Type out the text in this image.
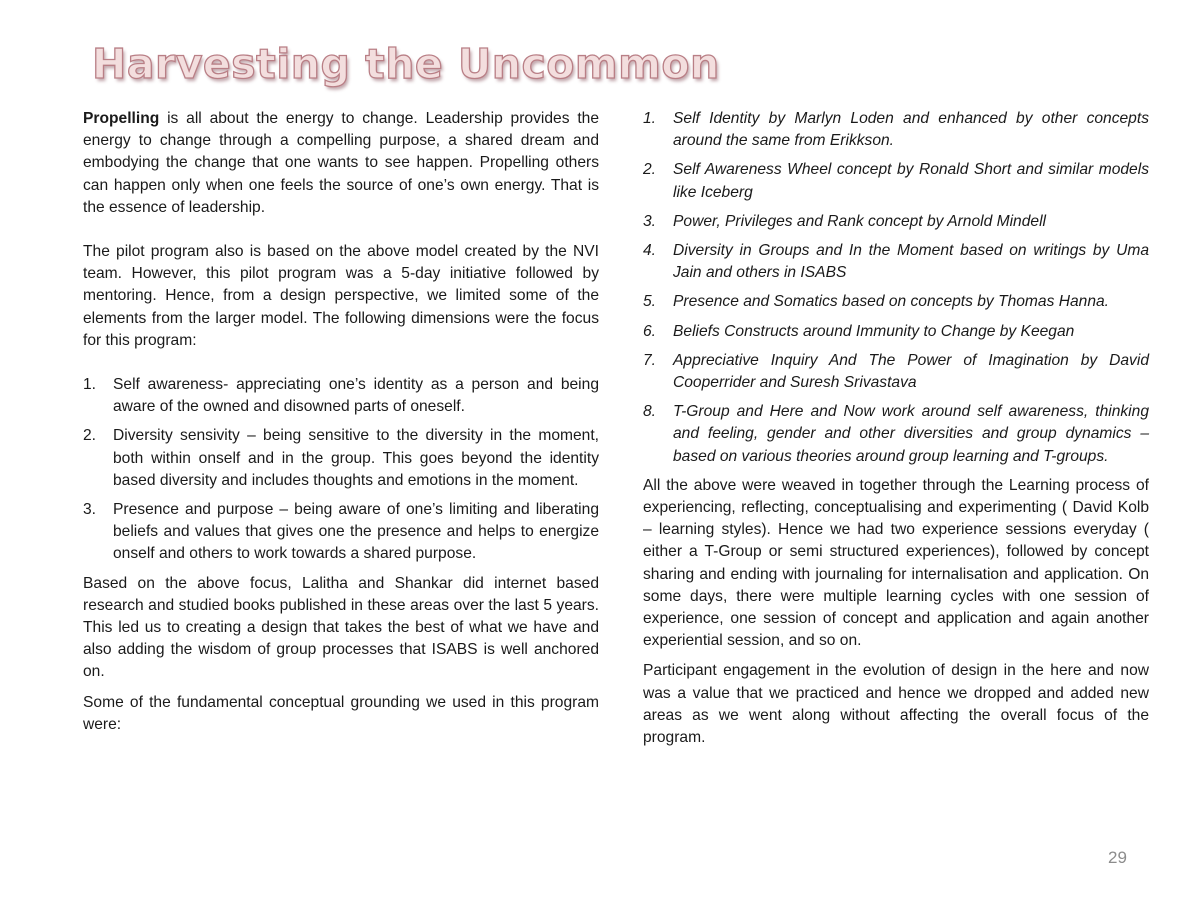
Harvesting the Uncommon

Propelling is all about the energy to change. Leadership provides the energy to change through a compelling purpose, a shared dream and embodying the change that one wants to see happen. Propelling others can happen only when one feels the source of one’s own energy. That is the essence of leadership.

The pilot program also is based on the above model created by the NVI team. However, this pilot program was a 5-day initiative followed by mentoring. Hence, from a design perspective, we limited some of the elements from the larger model. The following dimensions were the focus for this program:

1. Self awareness- appreciating one’s identity as a person and being aware of the owned and disowned parts of oneself.
2. Diversity sensivity – being sensitive to the diversity in the moment, both within onself and in the group. This goes beyond the identity based diversity and includes thoughts and emotions in the moment.
3. Presence and purpose – being aware of one’s limiting and liberating beliefs and values that gives one the presence and helps to energize onself and others to work towards a shared purpose.

Based on the above focus, Lalitha and Shankar did internet based research and studied books published in these areas over the last 5 years. This led us to creating a design that takes the best of what we have and also adding the wisdom of group processes that ISABS is well anchored on.

Some of the fundamental conceptual grounding we used in this program were:

1. Self Identity by Marlyn Loden and enhanced by other concepts around the same from Erikkson.
2. Self Awareness Wheel concept by Ronald Short and similar models like Iceberg
3. Power, Privileges and Rank concept by Arnold Mindell
4. Diversity in Groups and In the Moment based on writings by Uma Jain and others in ISABS
5. Presence and Somatics based on concepts by Thomas Hanna.
6. Beliefs Constructs around Immunity to Change by Keegan
7. Appreciative Inquiry And The Power of Imagination by David Cooperrider and Suresh Srivastava
8. T-Group and Here and Now work around self awareness, thinking and feeling, gender and other diversities and group dynamics – based on various theories around group learning and T-groups.

All the above were weaved in together through the Learning process of experiencing, reflecting, conceptualising and experimenting ( David Kolb – learning styles). Hence we had two experience sessions everyday ( either a T-Group or semi structured experiences), followed by concept sharing and ending with journaling for internalisation and application. On some days, there were multiple learning cycles with one session of experience, one session of concept and application and again another experiential session, and so on.

Participant engagement in the evolution of design in the here and now was a value that we practiced and hence we dropped and added new areas as we went along without affecting the overall focus of the program.

29
